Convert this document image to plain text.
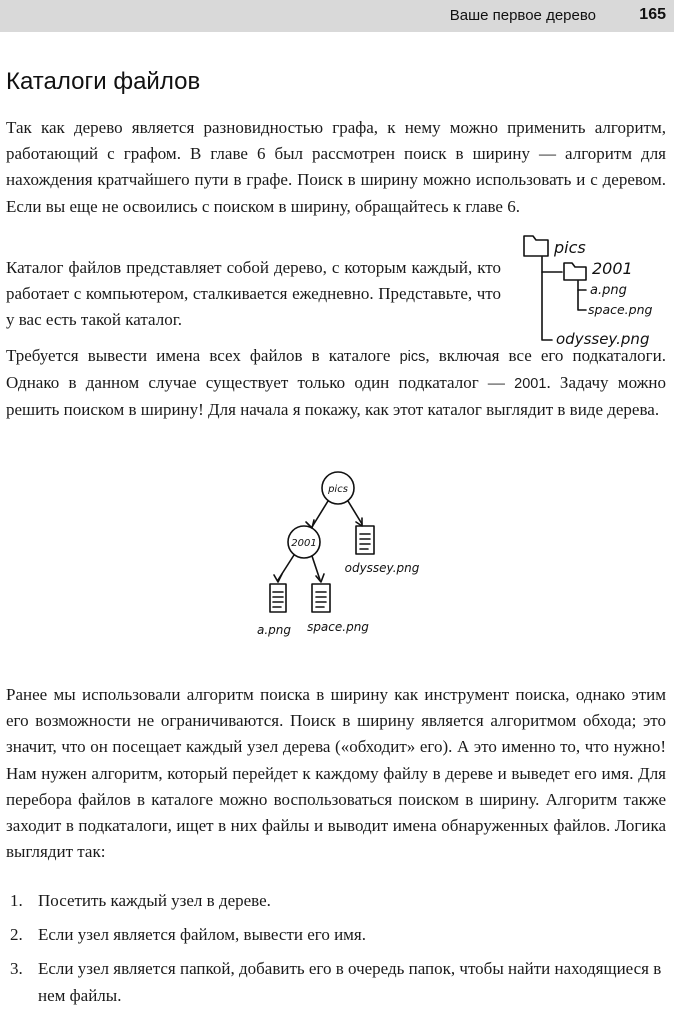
Ваше первое дерево	165
Каталоги файлов

Так как дерево является разновидностью графа, к нему можно применить алгоритм, работающий с графом. В главе 6 был рассмотрен поиск в ширину — алгоритм для нахождения кратчайшего пути в графе. Поиск в ширину можно использовать и с деревом. Если вы еще не освоились с поиском в ширину, обращайтесь к главе 6.

Каталог файлов представляет собой дерево, с которым каждый, кто работает с компьютером, сталкивается ежедневно. Представьте, что у вас есть такой каталог.

pics
2001
a.png
space.png
odyssey.png

Требуется вывести имена всех файлов в каталоге pics, включая все его подкаталоги. Однако в данном случае существует только один подкаталог — 2001. Задачу можно решить поиском в ширину! Для начала я покажу, как этот каталог выглядит в виде дерева.

pics
2001
odyssey.png
a.png space.png

Ранее мы использовали алгоритм поиска в ширину как инструмент поиска, однако этим его возможности не ограничиваются. Поиск в ширину является алгоритмом обхода; это значит, что он посещает каждый узел дерева («обходит» его). А это именно то, что нужно! Нам нужен алгоритм, который перейдет к каждому файлу в дереве и выведет его имя. Для перебора файлов в каталоге можно воспользоваться поиском в ширину. Алгоритм также заходит в подкаталоги, ищет в них файлы и выводит имена обнаруженных файлов. Логика выглядит так:

1. Посетить каждый узел в дереве.
2. Если узел является файлом, вывести его имя.
3. Если узел является папкой, добавить его в очередь папок, чтобы найти находящиеся в нем файлы.
